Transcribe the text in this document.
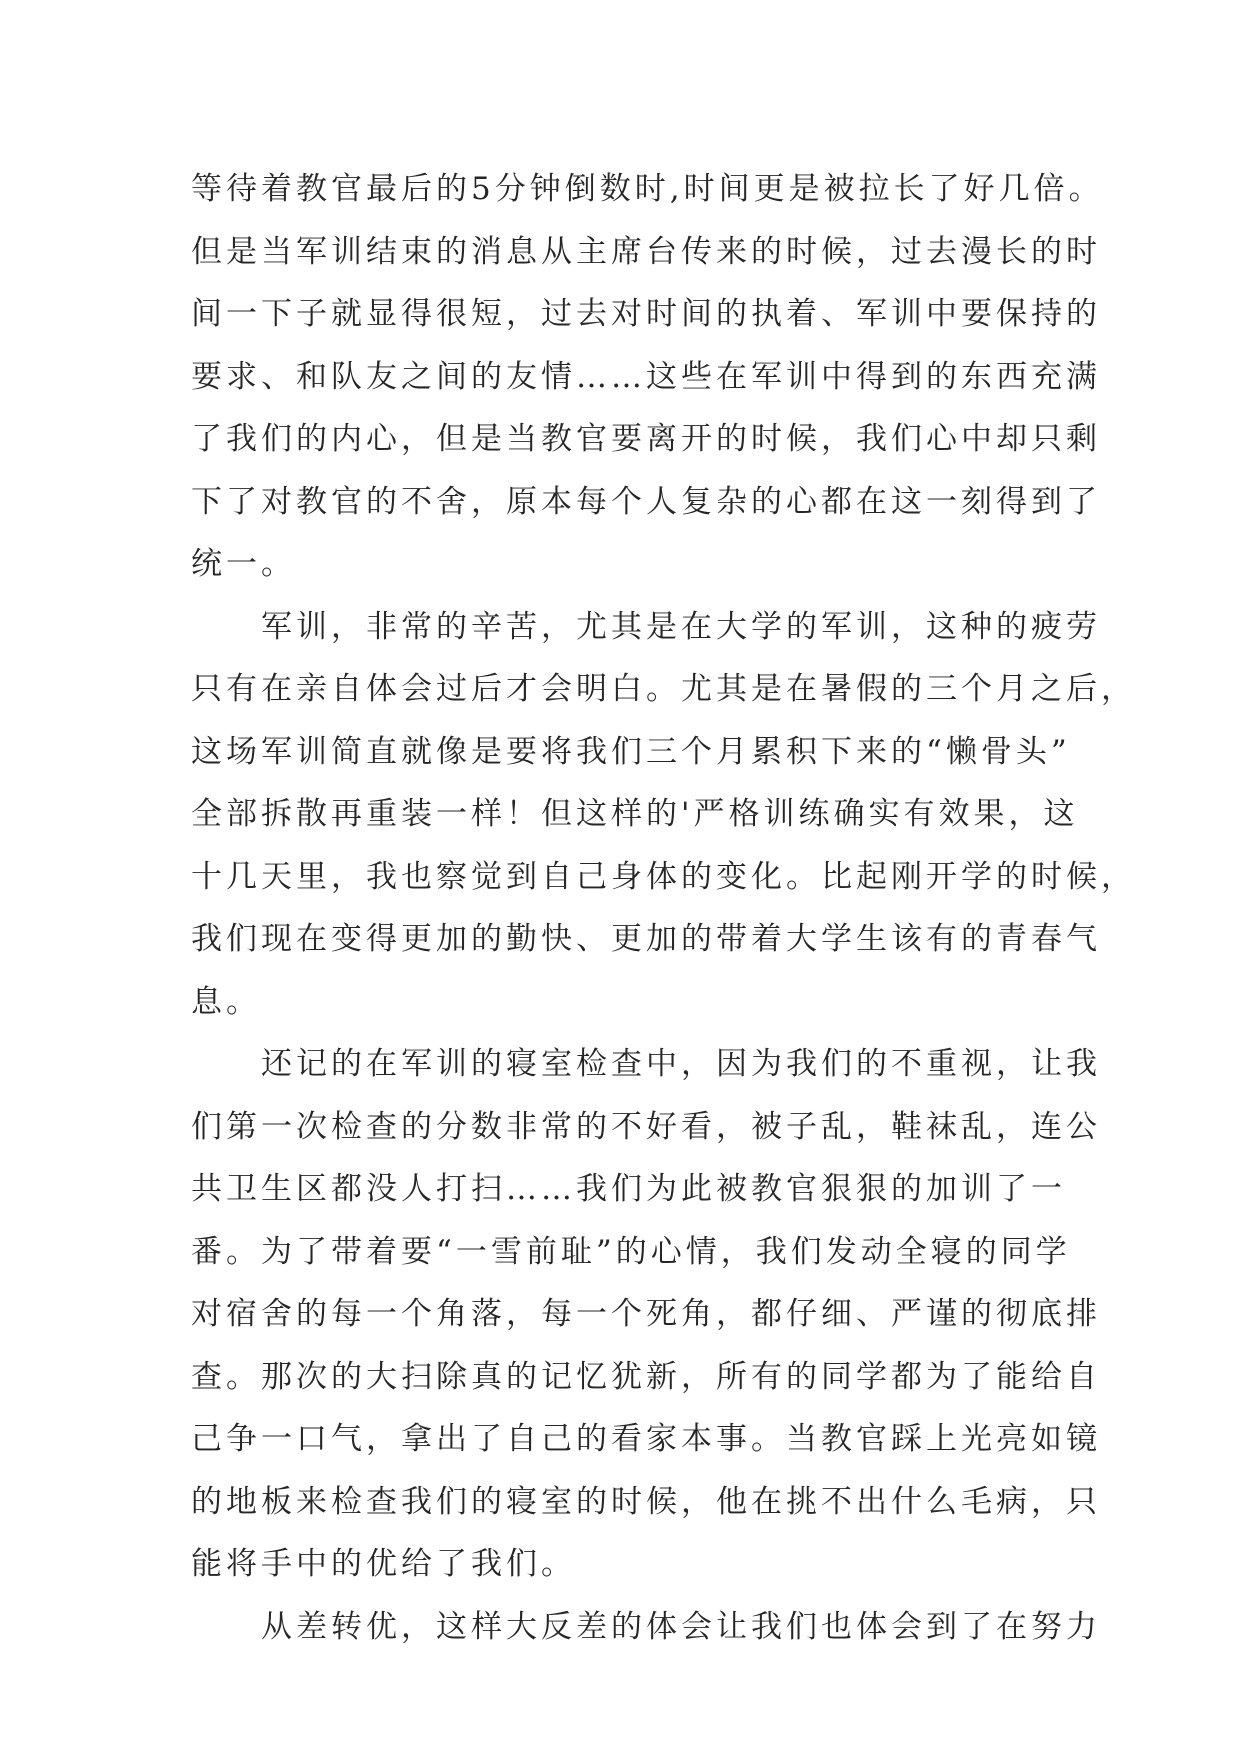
等待着教官最后的5分钟倒数时,时间更是被拉长了好几倍。
但是当军训结束的消息从主席台传来的时候，过去漫长的时
间一下子就显得很短，过去对时间的执着、军训中要保持的
要求、和队友之间的友情……这些在军训中得到的东西充满
了我们的内心，但是当教官要离开的时候，我们心中却只剩
下了对教官的不舍，原本每个人复杂的心都在这一刻得到了
统一。
　　军训，非常的辛苦，尤其是在大学的军训，这种的疲劳
只有在亲自体会过后才会明白。尤其是在暑假的三个月之后，
这场军训简直就像是要将我们三个月累积下来的“懒骨头”
全部拆散再重装一样！但这样的'严格训练确实有效果，这
十几天里，我也察觉到自己身体的变化。比起刚开学的时候，
我们现在变得更加的勤快、更加的带着大学生该有的青春气
息。
　　还记的在军训的寝室检查中，因为我们的不重视，让我
们第一次检查的分数非常的不好看，被子乱，鞋袜乱，连公
共卫生区都没人打扫……我们为此被教官狠狠的加训了一
番。为了带着要“一雪前耻”的心情，我们发动全寝的同学
对宿舍的每一个角落，每一个死角，都仔细、严谨的彻底排
查。那次的大扫除真的记忆犹新，所有的同学都为了能给自
己争一口气，拿出了自己的看家本事。当教官踩上光亮如镜
的地板来检查我们的寝室的时候，他在挑不出什么毛病，只
能将手中的优给了我们。
　　从差转优，这样大反差的体会让我们也体会到了在努力
